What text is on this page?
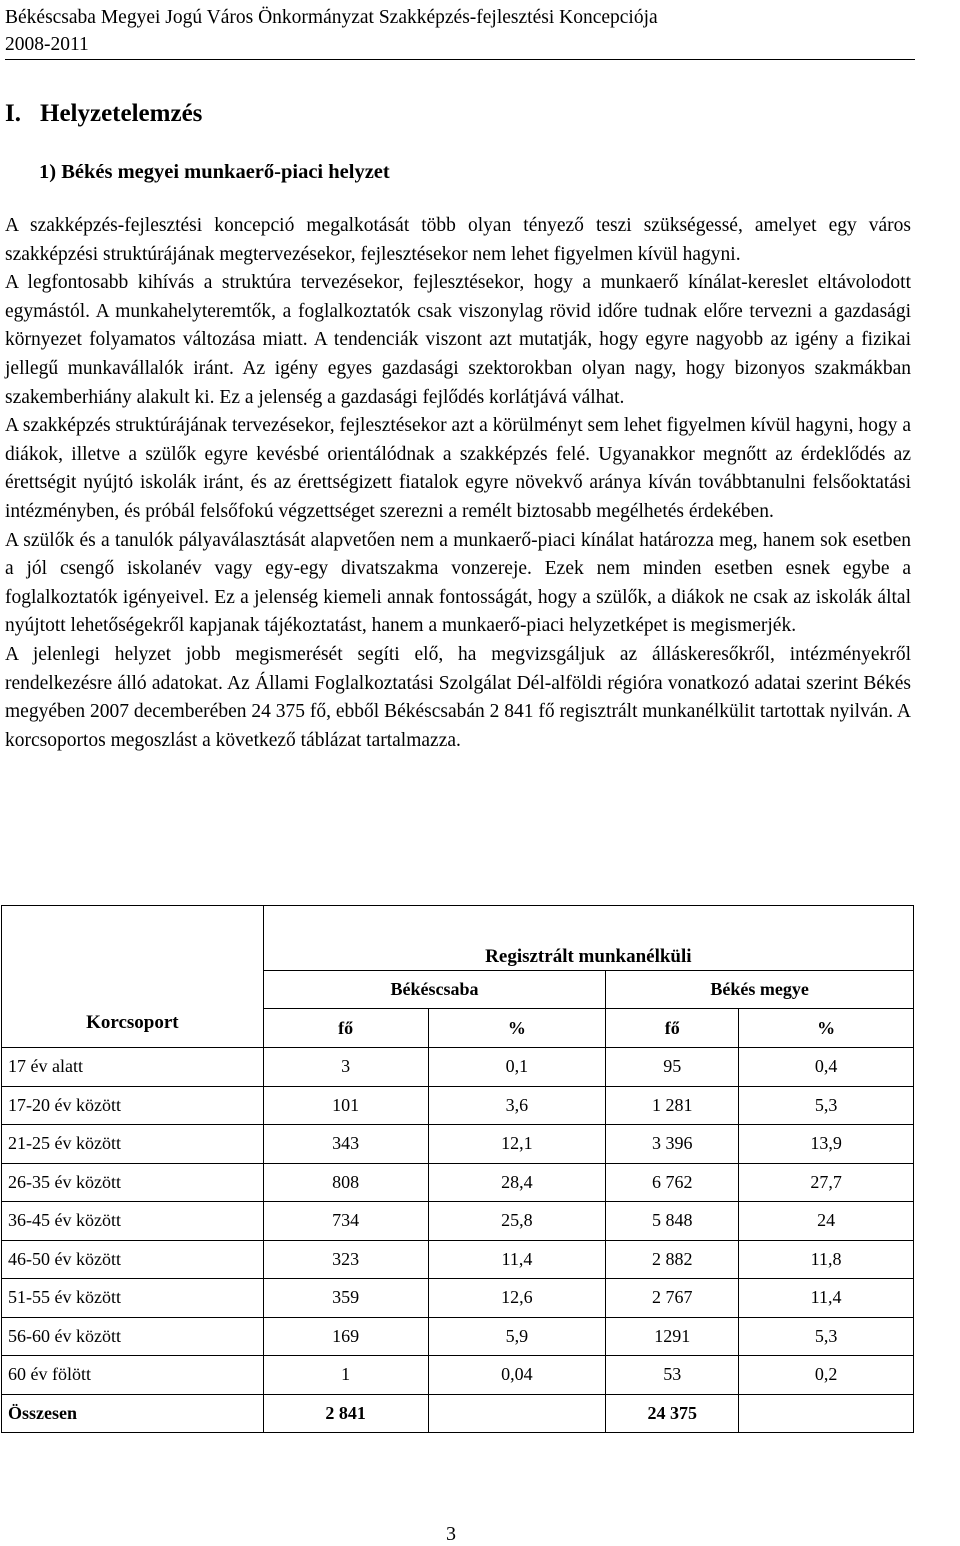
Békéscsaba Megyei Jogú Város Önkormányzat Szakképzés-fejlesztési Koncepciója
2008-2011
I. Helyzetelemzés
1) Békés megyei munkaerő-piaci helyzet

A szakképzés-fejlesztési koncepció megalkotását több olyan tényező teszi szükségessé, amelyet egy város szakképzési struktúrájának megtervezésekor, fejlesztésekor nem lehet figyelmen kívül hagyni.

A legfontosabb kihívás a struktúra tervezésekor, fejlesztésekor, hogy a munkaerő kínálat-kereslet eltávolodott egymástól. A munkahelyteremtők, a foglalkoztatók csak viszonylag rövid időre tudnak előre tervezni a gazdasági környezet folyamatos változása miatt. A tendenciák viszont azt mutatják, hogy egyre nagyobb az igény a fizikai jellegű munkavállalók iránt. Az igény egyes gazdasági szektorokban olyan nagy, hogy bizonyos szakmákban szakemberhiány alakult ki. Ez a jelenség a gazdasági fejlődés korlátjává válhat.

A szakképzés struktúrájának tervezésekor, fejlesztésekor azt a körülményt sem lehet figyelmen kívül hagyni, hogy a diákok, illetve a szülők egyre kevésbé orientálódnak a szakképzés felé. Ugyanakkor megnőtt az érdeklődés az érettségit nyújtó iskolák iránt, és az érettségizett fiatalok egyre növekvő aránya kíván továbbtanulni felsőoktatási intézményben, és próbál felsőfokú végzettséget szerezni a remélt biztosabb megélhetés érdekében.

A szülők és a tanulók pályaválasztását alapvetően nem a munkaerő-piaci kínálat határozza meg, hanem sok esetben a jól csengő iskolanév vagy egy-egy divatszakma vonzereje. Ezek nem minden esetben esnek egybe a foglalkoztatók igényeivel. Ez a jelenség kiemeli annak fontosságát, hogy a szülők, a diákok ne csak az iskolák által nyújtott lehetőségekről kapjanak tájékoztatást, hanem a munkaerő-piaci helyzetképet is megismerjék.

A jelenlegi helyzet jobb megismerését segíti elő, ha megvizsgáljuk az álláskeresőkről, intézményekről rendelkezésre álló adatokat. Az Állami Foglalkoztatási Szolgálat Dél-alföldi régióra vonatkozó adatai szerint Békés megyében 2007 decemberében 24 375 fő, ebből Békéscsabán 2 841 fő regisztrált munkanélkülit tartottak nyilván. A korcsoportos megoszlást a következő táblázat tartalmazza.

Korcsoport	Regisztrált munkanélküli			
	Békéscsaba		Békés megye	
	fő	%	fő	%
17 év alatt	3	0,1	95	0,4
17-20 év között	101	3,6	1 281	5,3
21-25 év között	343	12,1	3 396	13,9
26-35 év között	808	28,4	6 762	27,7
36-45 év között	734	25,8	5 848	24
46-50 év között	323	11,4	2 882	11,8
51-55 év között	359	12,6	2 767	11,4
56-60 év között	169	5,9	1291	5,3
60 év fölött	1	0,04	53	0,2
Összesen	2 841		24 375	
3
